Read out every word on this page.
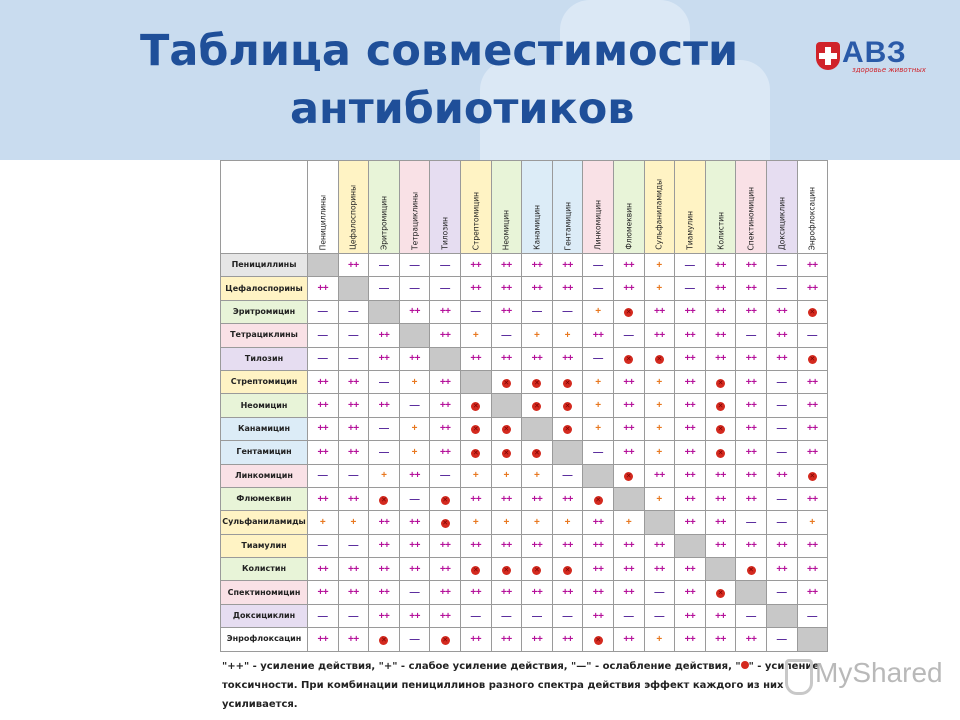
Таблица совместимости
антибиотиков
АВЗ
здоровье животных

	Пенициллины	Цефалоспорины	Эритромицин	Тетрациклины	Тилозин	Стрептомицин	Неомицин	Канамицин	Гентамицин	Линкомицин	Флюмеквин	Сульфаниламиды	Тиамулин	Колистин	Спектиномицин	Доксициклин	Энрофлоксацин

Пенициллины		++	—	—	—	++	++	++	++	—	++	+	—	++	++	—	++
Цефалоспорины	++		—	—	—	++	++	++	++	—	++	+	—	++	++	—	++
Эритромицин	—	—		++	++	—	++	—	—	+	✕	++	++	++	++	++	✕
Тетрациклины	—	—	++		++	+	—	+	+	++	—	++	++	++	—	++	—
Тилозин	—	—	++	++		++	++	++	++	—	✕	✕	++	++	++	++	✕
Стрептомицин	++	++	—	+	++		✕	✕	✕	+	++	+	++	✕	++	—	++
Неомицин	++	++	++	—	++	✕		✕	✕	+	++	+	++	✕	++	—	++
Канамицин	++	++	—	+	++	✕	✕		✕	+	++	+	++	✕	++	—	++
Гентамицин	++	++	—	+	++	✕	✕	✕		—	++	+	++	✕	++	—	++
Линкомицин	—	—	+	++	—	+	+	+	—		✕	++	++	++	++	++	✕
Флюмеквин	++	++	✕	—	✕	++	++	++	++	✕		+	++	++	++	—	++
Сульфаниламиды	+	+	++	++	✕	+	+	+	+	++	+		++	++	—	—	+
Тиамулин	—	—	++	++	++	++	++	++	++	++	++	++		++	++	++	++
Колистин	++	++	++	++	++	✕	✕	✕	✕	++	++	++	++		✕	++	++
Спектиномицин	++	++	++	—	++	++	++	++	++	++	++	—	++	✕		—	++
Доксициклин	—	—	++	++	++	—	—	—	—	++	—	—	++	++	—		—
Энрофлоксацин	++	++	✕	—	✕	++	++	++	++	✕	++	+	++	++	++	—	
"++" - усиление действия, "+" - слабое усиление действия, "—" - ослабление действия, " " - усиление токсичности. При комбинации пенициллинов разного спектра действия эффект каждого из них усиливается.
MyShared
